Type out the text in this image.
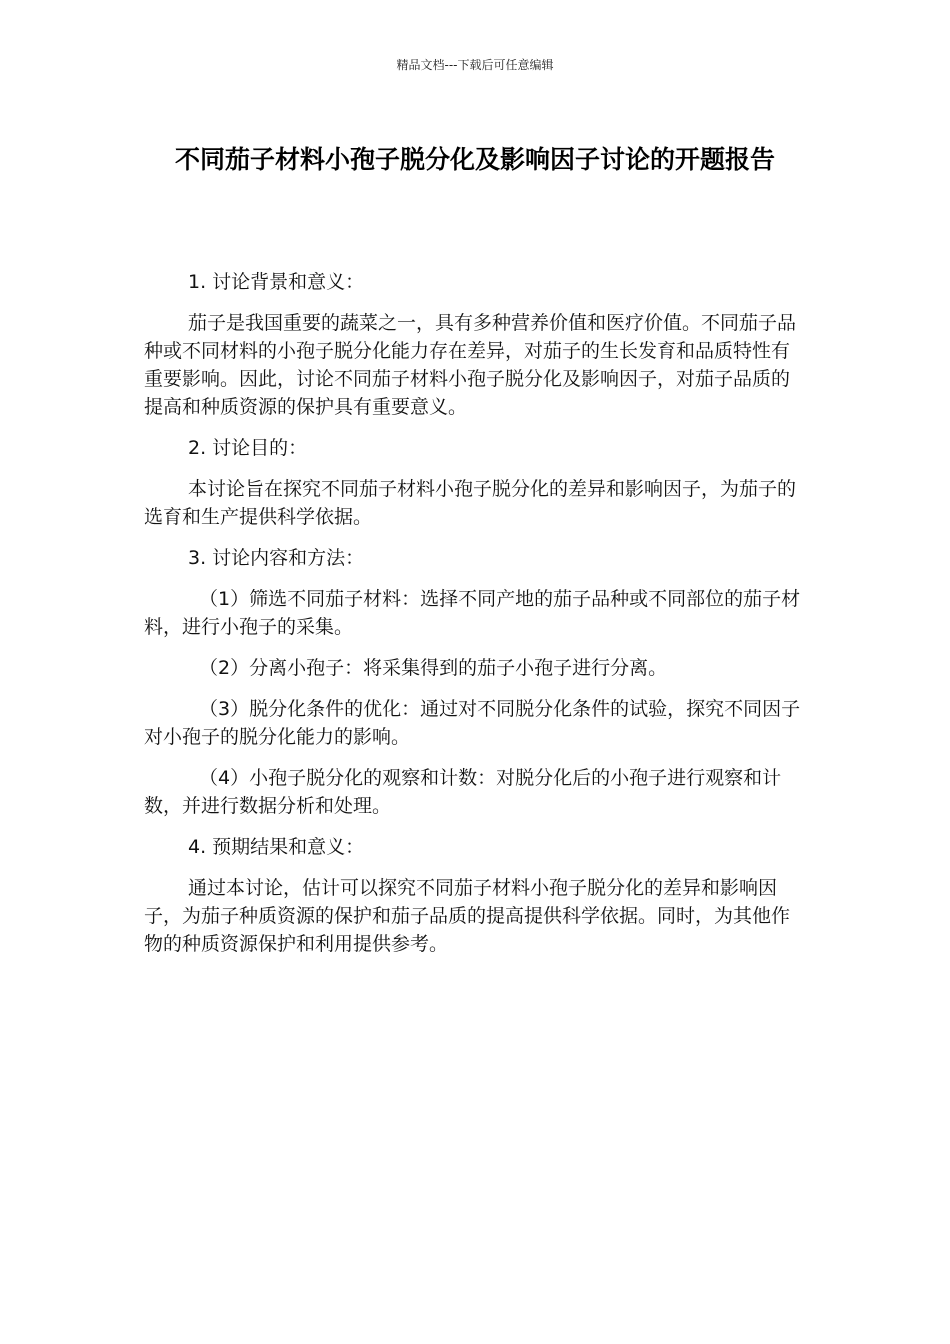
精品文档---下载后可任意编辑
不同茄子材料小孢子脱分化及影响因子讨论的开题报告

1. 讨论背景和意义：

茄子是我国重要的蔬菜之一，具有多种营养价值和医疗价值。不同茄子品种或不同材料的小孢子脱分化能力存在差异，对茄子的生长发育和品质特性有重要影响。因此，讨论不同茄子材料小孢子脱分化及影响因子，对茄子品质的提高和种质资源的保护具有重要意义。

2. 讨论目的：

本讨论旨在探究不同茄子材料小孢子脱分化的差异和影响因子，为茄子的选育和生产提供科学依据。

3. 讨论内容和方法：

（1）筛选不同茄子材料：选择不同产地的茄子品种或不同部位的茄子材料，进行小孢子的采集。

（2）分离小孢子：将采集得到的茄子小孢子进行分离。

（3）脱分化条件的优化：通过对不同脱分化条件的试验，探究不同因子对小孢子的脱分化能力的影响。

（4）小孢子脱分化的观察和计数：对脱分化后的小孢子进行观察和计数，并进行数据分析和处理。

4. 预期结果和意义：

通过本讨论，估计可以探究不同茄子材料小孢子脱分化的差异和影响因子，为茄子种质资源的保护和茄子品质的提高提供科学依据。同时，为其他作物的种质资源保护和利用提供参考。
